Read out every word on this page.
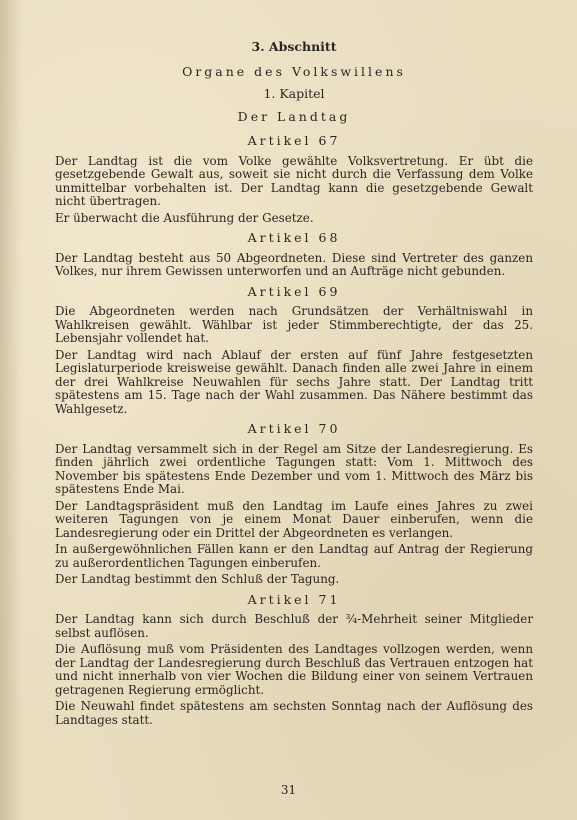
3. Abschnitt
Organe des Volkswillens
1. Kapitel
Der Landtag
Artikel 67

Der Landtag ist die vom Volke gewählte Volksvertretung. Er übt die gesetzgebende Gewalt aus, soweit sie nicht durch die Verfassung dem Volke unmittelbar vorbehalten ist. Der Landtag kann die gesetzgebende Gewalt nicht übertragen.

Er überwacht die Ausführung der Gesetze.

Artikel 68

Der Landtag besteht aus 50 Abgeordneten. Diese sind Vertreter des ganzen Volkes, nur ihrem Gewissen unterworfen und an Aufträge nicht gebunden.

Artikel 69

Die Abgeordneten werden nach Grundsätzen der Verhältniswahl in Wahlkreisen gewählt. Wählbar ist jeder Stimmberechtigte, der das 25. Lebensjahr vollendet hat.

Der Landtag wird nach Ablauf der ersten auf fünf Jahre festgesetzten Legislaturperiode kreisweise gewählt. Danach finden alle zwei Jahre in einem der drei Wahlkreise Neuwahlen für sechs Jahre statt. Der Landtag tritt spätestens am 15. Tage nach der Wahl zusammen. Das Nähere bestimmt das Wahlgesetz.

Artikel 70

Der Landtag versammelt sich in der Regel am Sitze der Landesregierung. Es finden jährlich zwei ordentliche Tagungen statt: Vom 1. Mittwoch des November bis spätestens Ende Dezember und vom 1. Mittwoch des März bis spätestens Ende Mai.

Der Landtagspräsident muß den Landtag im Laufe eines Jahres zu zwei weiteren Tagungen von je einem Monat Dauer einberufen, wenn die Landesregierung oder ein Drittel der Abgeordneten es verlangen.

In außergewöhnlichen Fällen kann er den Landtag auf Antrag der Regierung zu außerordentlichen Tagungen einberufen.

Der Landtag bestimmt den Schluß der Tagung.

Artikel 71

Der Landtag kann sich durch Beschluß der ¾-Mehrheit seiner Mitglieder selbst auflösen.

Die Auflösung muß vom Präsidenten des Landtages vollzogen werden, wenn der Landtag der Landesregierung durch Beschluß das Vertrauen entzogen hat und nicht innerhalb von vier Wochen die Bildung einer von seinem Vertrauen getragenen Regierung ermöglicht.

Die Neuwahl findet spätestens am sechsten Sonntag nach der Auflösung des Landtages statt.

31
